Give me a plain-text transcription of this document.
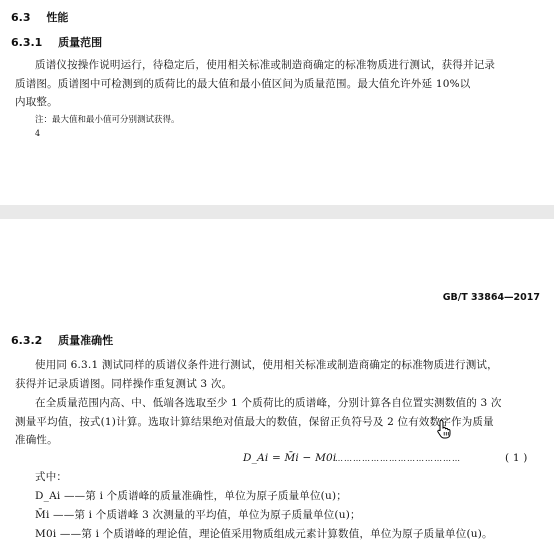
6.3 性能
6.3.1 质量范围
质谱仪按操作说明运行，待稳定后，使用相关标准或制造商确定的标准物质进行测试，获得并记录
质谱图。质谱图中可检测到的质荷比的最大值和最小值区间为质量范围。最大值允许外延 10%以
内取整。
注：最大值和最小值可分别测试获得。
4
GB/T 33864—2017
6.3.2 质量准确性
使用同 6.3.1 测试同样的质谱仪条件进行测试，使用相关标准或制造商确定的标准物质进行测试，
获得并记录质谱图。同样操作重复测试 3 次。
在全质量范围内高、中、低端各选取至少 1 个质荷比的质谱峰，分别计算各自位置实测数值的 3 次
测量平均值，按式(1)计算。选取计算结果绝对值最大的数值，保留正负符号及 2 位有效数字作为质量
准确性。
D_Ai = M̄i − M0i
……………………………………	( 1 )
式中：
D_Ai ——第 i 个质谱峰的质量准确性，单位为原子质量单位(u)；
M̄i ——第 i 个质谱峰 3 次测量的平均值，单位为原子质量单位(u)；
M0i ——第 i 个质谱峰的理论值，理论值采用物质组成元素计算数值，单位为原子质量单位(u)。
